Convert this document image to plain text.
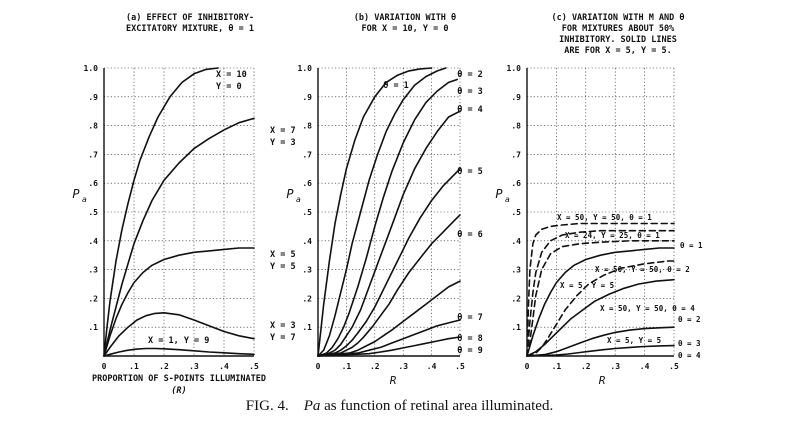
(a) EFFECT OF INHIBITORY-
EXCITATORY MIXTURE, θ = 1
.1
.2
.3
.4
.5
.6
.7
.8
.9
1.0
0	.1	.2	.3	.4	.5
P a
PROPORTION OF S-POINTS ILLUMINATED
(R)
X = 10
Y = 0
X = 7
Y = 3
X = 5
Y = 5
X = 3
Y = 7
X = 1, Y = 9
(b) VARIATION WITH θ
FOR X = 10, Y = 0
.1
.2
.3
.4
.5
.6
.7
.8
.9
1.0
0	.1 .2 .3 .4 .5
P a
R
θ = 1
θ = 2
θ = 3
θ = 4
θ = 5
θ = 6
θ = 7
θ = 8
θ = 9
(c) VARIATION WITH M AND θ
FOR MIXTURES ABOUT 50%
INHIBITORY. SOLID LINES
ARE FOR X = 5, Y = 5.
.1
.2
.3
.4
.5
.6
.7
.8
.9
1.0
0	.1 .2 .3 .4 .5
P a
R
X = 50, Y = 50, θ = 1
X = 24, Y = 25, θ = 1
θ = 1
X = 50, Y = 50, θ = 2
X = 5, Y = 5
X = 50, Y = 50, θ = 4
θ = 2
X = 5, Y = 5 θ = 3
θ = 4
FIG. 4. Pa as function of retinal area illuminated.
